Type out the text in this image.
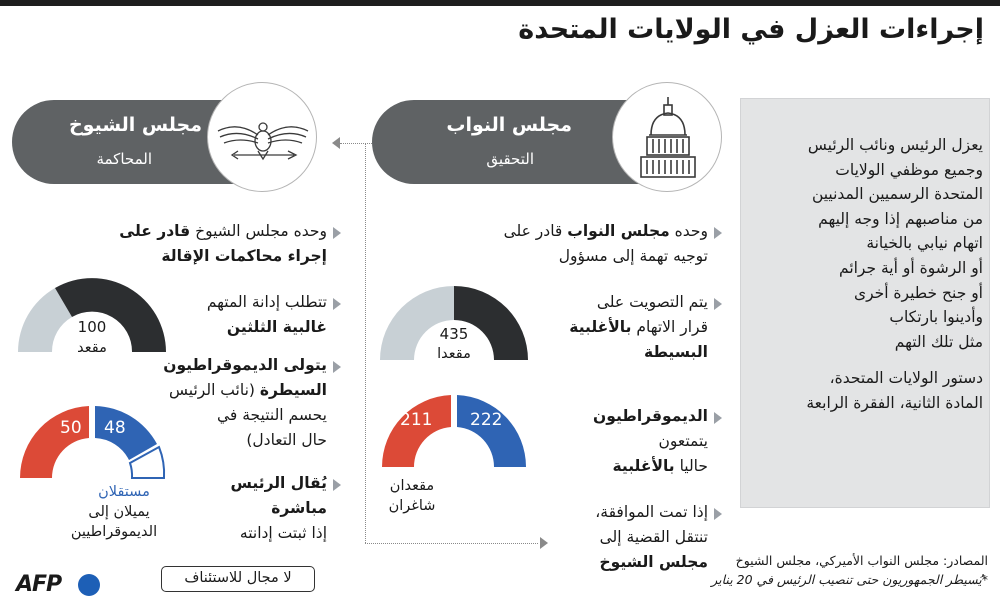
إجراءات العزل في الولايات المتحدة
مجلس النواب
التحقيق
مجلس الشيوخ
المحاكمة
يعزل الرئيس ونائب الرئيس
وجميع موظفي الولايات
المتحدة الرسميين المدنيين
من مناصبهم إذا وجه إليهم
اتهام نيابي بالخيانة
أو الرشوة أو أية جرائم
أو جنح خطيرة أخرى
وأدينوا بارتكاب
مثل تلك التهم
دستور الولايات المتحدة،
المادة الثانية، الفقرة الرابعة
وحده مجلس النواب قادر على
توجيه تهمة إلى مسؤول
يتم التصويت على
قرار الاتهام بالأغلبية
البسيطة
الديموقراطيون
يتمتعون
حاليا بالأغلبية
إذا تمت الموافقة،
تنتقل القضية إلى
مجلس الشيوخ
وحده مجلس الشيوخ قادر على
إجراء محاكمات الإقالة
تتطلب إدانة المتهم
غالبية الثلثين
يتولى الديموقراطيون
السيطرة (نائب الرئيس
يحسم النتيجة في
حال التعادل)
يُقال الرئيس
مباشرة
إذا ثبتت إدانته
لا مجال للاستئناف
435
مقعدا
211 222
مقعدان
شاغران
100
مقعد
50 48
مستقلان
يميلان إلى
الديموقراطيين
المصادر: مجلس النواب الأميركي، مجلس الشيوخ
*يُسيطر الجمهوريون حتى تنصيب الرئيس في 20 يناير
AFP
